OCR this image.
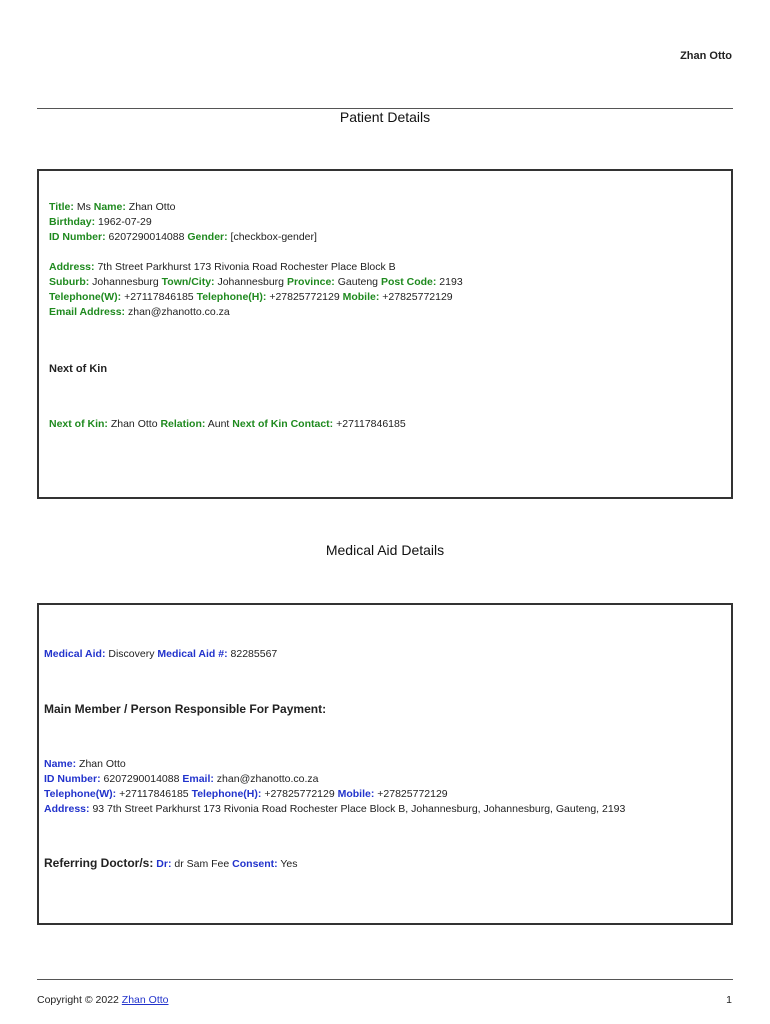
Zhan Otto
Patient Details
Title: Ms Name: Zhan Otto
Birthday: 1962-07-29
ID Number: 6207290014088 Gender: [checkbox-gender]
Address: 7th Street Parkhurst 173 Rivonia Road Rochester Place Block B
Suburb: Johannesburg Town/City: Johannesburg Province: Gauteng Post Code: 2193
Telephone(W): +27117846185 Telephone(H): +27825772129 Mobile: +27825772129
Email Address: zhan@zhanotto.co.za
Next of Kin
Next of Kin: Zhan Otto Relation: Aunt Next of Kin Contact: +27117846185
Medical Aid Details
Medical Aid: Discovery Medical Aid #: 82285567
Main Member / Person Responsible For Payment:
Name: Zhan Otto
ID Number: 6207290014088 Email: zhan@zhanotto.co.za
Telephone(W): +27117846185 Telephone(H): +27825772129 Mobile: +27825772129
Address: 93 7th Street Parkhurst 173 Rivonia Road Rochester Place Block B, Johannesburg, Johannesburg, Gauteng, 2193
Referring Doctor/s: Dr: dr Sam Fee Consent: Yes
Copyright © 2022 Zhan Otto	1
